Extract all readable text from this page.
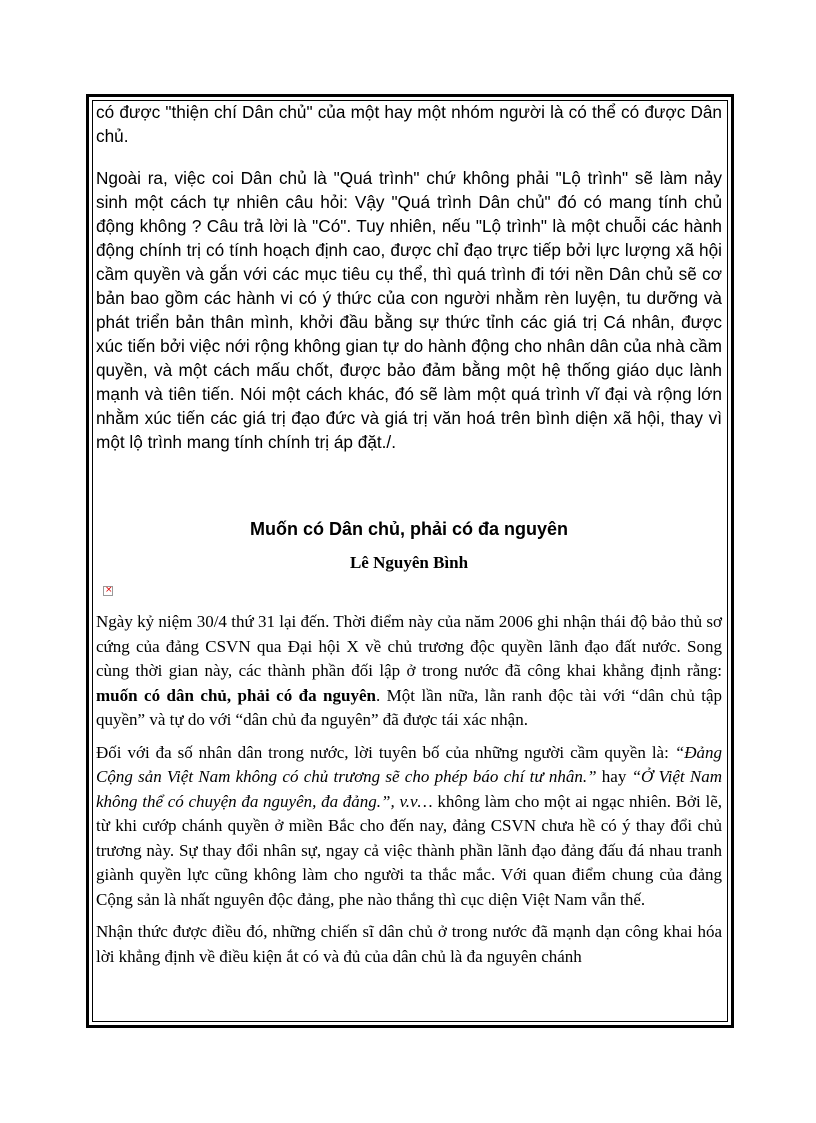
có được "thiện chí Dân chủ" của một hay một nhóm người là có thể có được Dân chủ.

Ngoài ra, việc coi Dân chủ là "Quá trình" chứ không phải "Lộ trình" sẽ làm nảy sinh một cách tự nhiên câu hỏi: Vậy "Quá trình Dân chủ" đó có mang tính chủ động không ? Câu trả lời là "Có". Tuy nhiên, nếu "Lộ trình" là một chuỗi các hành động chính trị có tính hoạch định cao, được chỉ đạo trực tiếp bởi lực lượng xã hội cầm quyền và gắn với các mục tiêu cụ thể, thì quá trình đi tới nền Dân chủ sẽ cơ bản bao gồm các hành vi có ý thức của con người nhằm rèn luyện, tu dưỡng và phát triển bản thân mình, khởi đầu bằng sự thức tỉnh các giá trị Cá nhân, được xúc tiến bởi việc nới rộng không gian tự do hành động cho nhân dân của nhà cầm quyền, và một cách mấu chốt, được bảo đảm bằng một hệ thống giáo dục lành mạnh và tiên tiến. Nói một cách khác, đó sẽ làm một quá trình vĩ đại và rộng lớn nhằm xúc tiến các giá trị đạo đức và giá trị văn hoá trên bình diện xã hội, thay vì một lộ trình mang tính chính trị áp đặt./.

Muốn có Dân chủ, phải có đa nguyên
Lê Nguyên Bình
×

Ngày kỷ niệm 30/4 thứ 31 lại đến. Thời điểm này của năm 2006 ghi nhận thái độ bảo thủ sơ cứng của đảng CSVN qua Đại hội X về chủ trương độc quyền lãnh đạo đất nước. Song cùng thời gian này, các thành phần đối lập ở trong nước đã công khai khẳng định rằng: muốn có dân chủ, phải có đa nguyên. Một lần nữa, lằn ranh độc tài với “dân chủ tập quyền” và tự do với “dân chủ đa nguyên” đã được tái xác nhận.

Đối với đa số nhân dân trong nước, lời tuyên bố của những người cầm quyền là: “Đảng Cộng sản Việt Nam không có chủ trương sẽ cho phép báo chí tư nhân.” hay “Ở Việt Nam không thể có chuyện đa nguyên, đa đảng.”, v.v… không làm cho một ai ngạc nhiên. Bởi lẽ, từ khi cướp chánh quyền ở miền Bắc cho đến nay, đảng CSVN chưa hề có ý thay đổi chủ trương này. Sự thay đổi nhân sự, ngay cả việc thành phần lãnh đạo đảng đấu đá nhau tranh giành quyền lực cũng không làm cho người ta thắc mắc. Với quan điểm chung của đảng Cộng sản là nhất nguyên độc đảng, phe nào thắng thì cục diện Việt Nam vẫn thế.

Nhận thức được điều đó, những chiến sĩ dân chủ ở trong nước đã mạnh dạn công khai hóa lời khẳng định về điều kiện ắt có và đủ của dân chủ là đa nguyên chánh
